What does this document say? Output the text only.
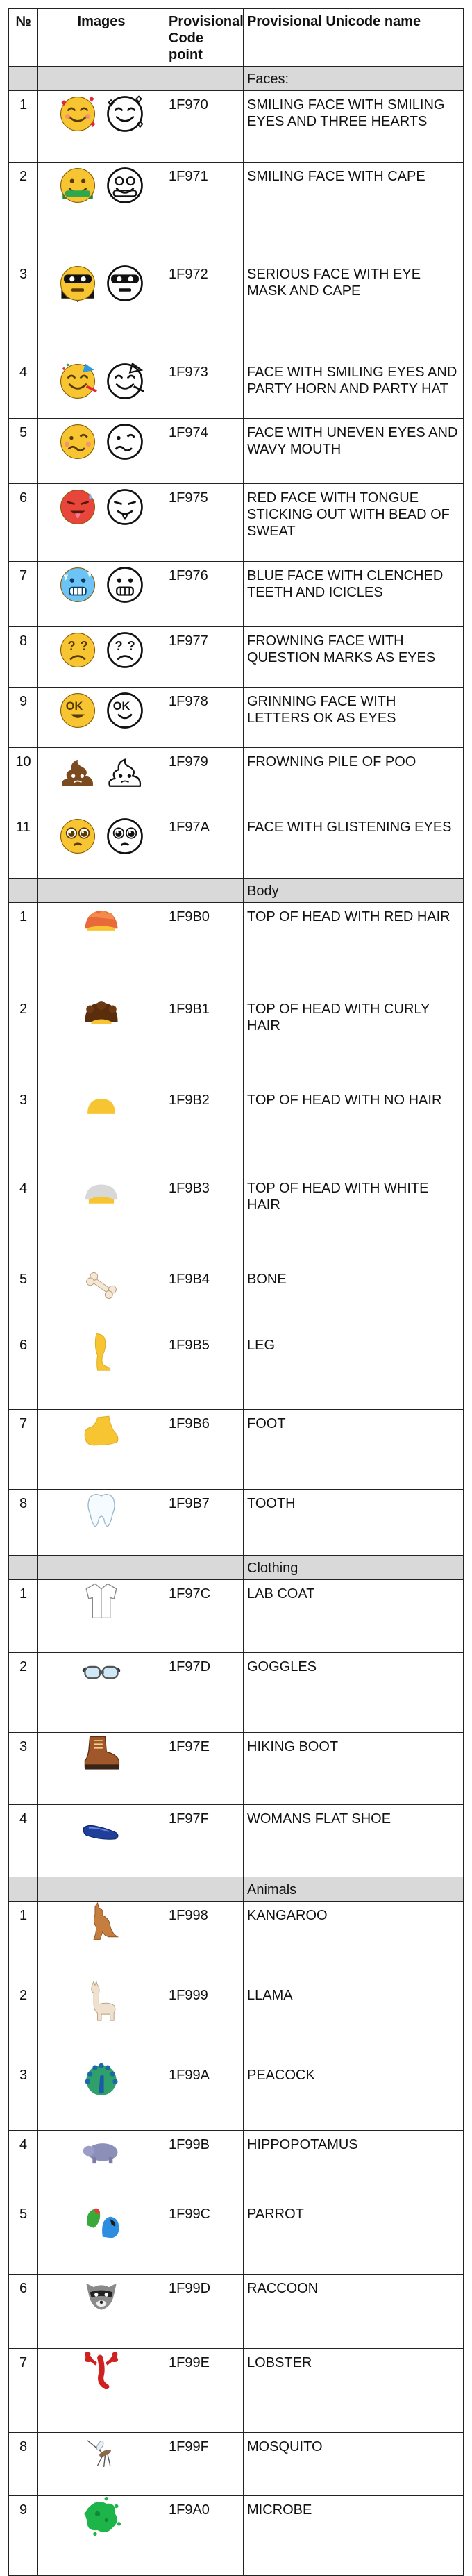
№	Images	Provisional Code point	Provisional Unicode name
			Faces:
1		1F970	SMILING FACE WITH SMILING EYES AND THREE HEARTS
2		1F971	SMILING FACE WITH CAPE
3		1F972	SERIOUS FACE WITH EYE MASK AND CAPE
4		1F973	FACE WITH SMILING EYES AND PARTY HORN AND PARTY HAT
5		1F974	FACE WITH UNEVEN EYES AND WAVY MOUTH
6		1F975	RED FACE WITH TONGUE STICKING OUT WITH BEAD OF SWEAT
7		1F976	BLUE FACE WITH CLENCHED TEETH AND ICICLES
8	? ? ? ?	1F977	FROWNING FACE WITH QUESTION MARKS AS EYES
9	OK OK	1F978	GRINNING FACE WITH LETTERS OK AS EYES
10		1F979	FROWNING PILE OF POO
11		1F97A	FACE WITH GLISTENING EYES
			Body
1		1F9B0	TOP OF HEAD WITH RED HAIR
2		1F9B1	TOP OF HEAD WITH CURLY HAIR
3		1F9B2	TOP OF HEAD WITH NO HAIR
4		1F9B3	TOP OF HEAD WITH WHITE HAIR
5		1F9B4	BONE
6		1F9B5	LEG
7		1F9B6	FOOT
8		1F9B7	TOOTH
			Clothing
1		1F97C	LAB COAT
2		1F97D	GOGGLES
3		1F97E	HIKING BOOT
4		1F97F	WOMANS FLAT SHOE
			Animals
1		1F998	KANGAROO
2		1F999	LLAMA
3		1F99A	PEACOCK
4		1F99B	HIPPOPOTAMUS
5		1F99C	PARROT
6		1F99D	RACCOON
7		1F99E	LOBSTER
8		1F99F	MOSQUITO
9		1F9A0	MICROBE
